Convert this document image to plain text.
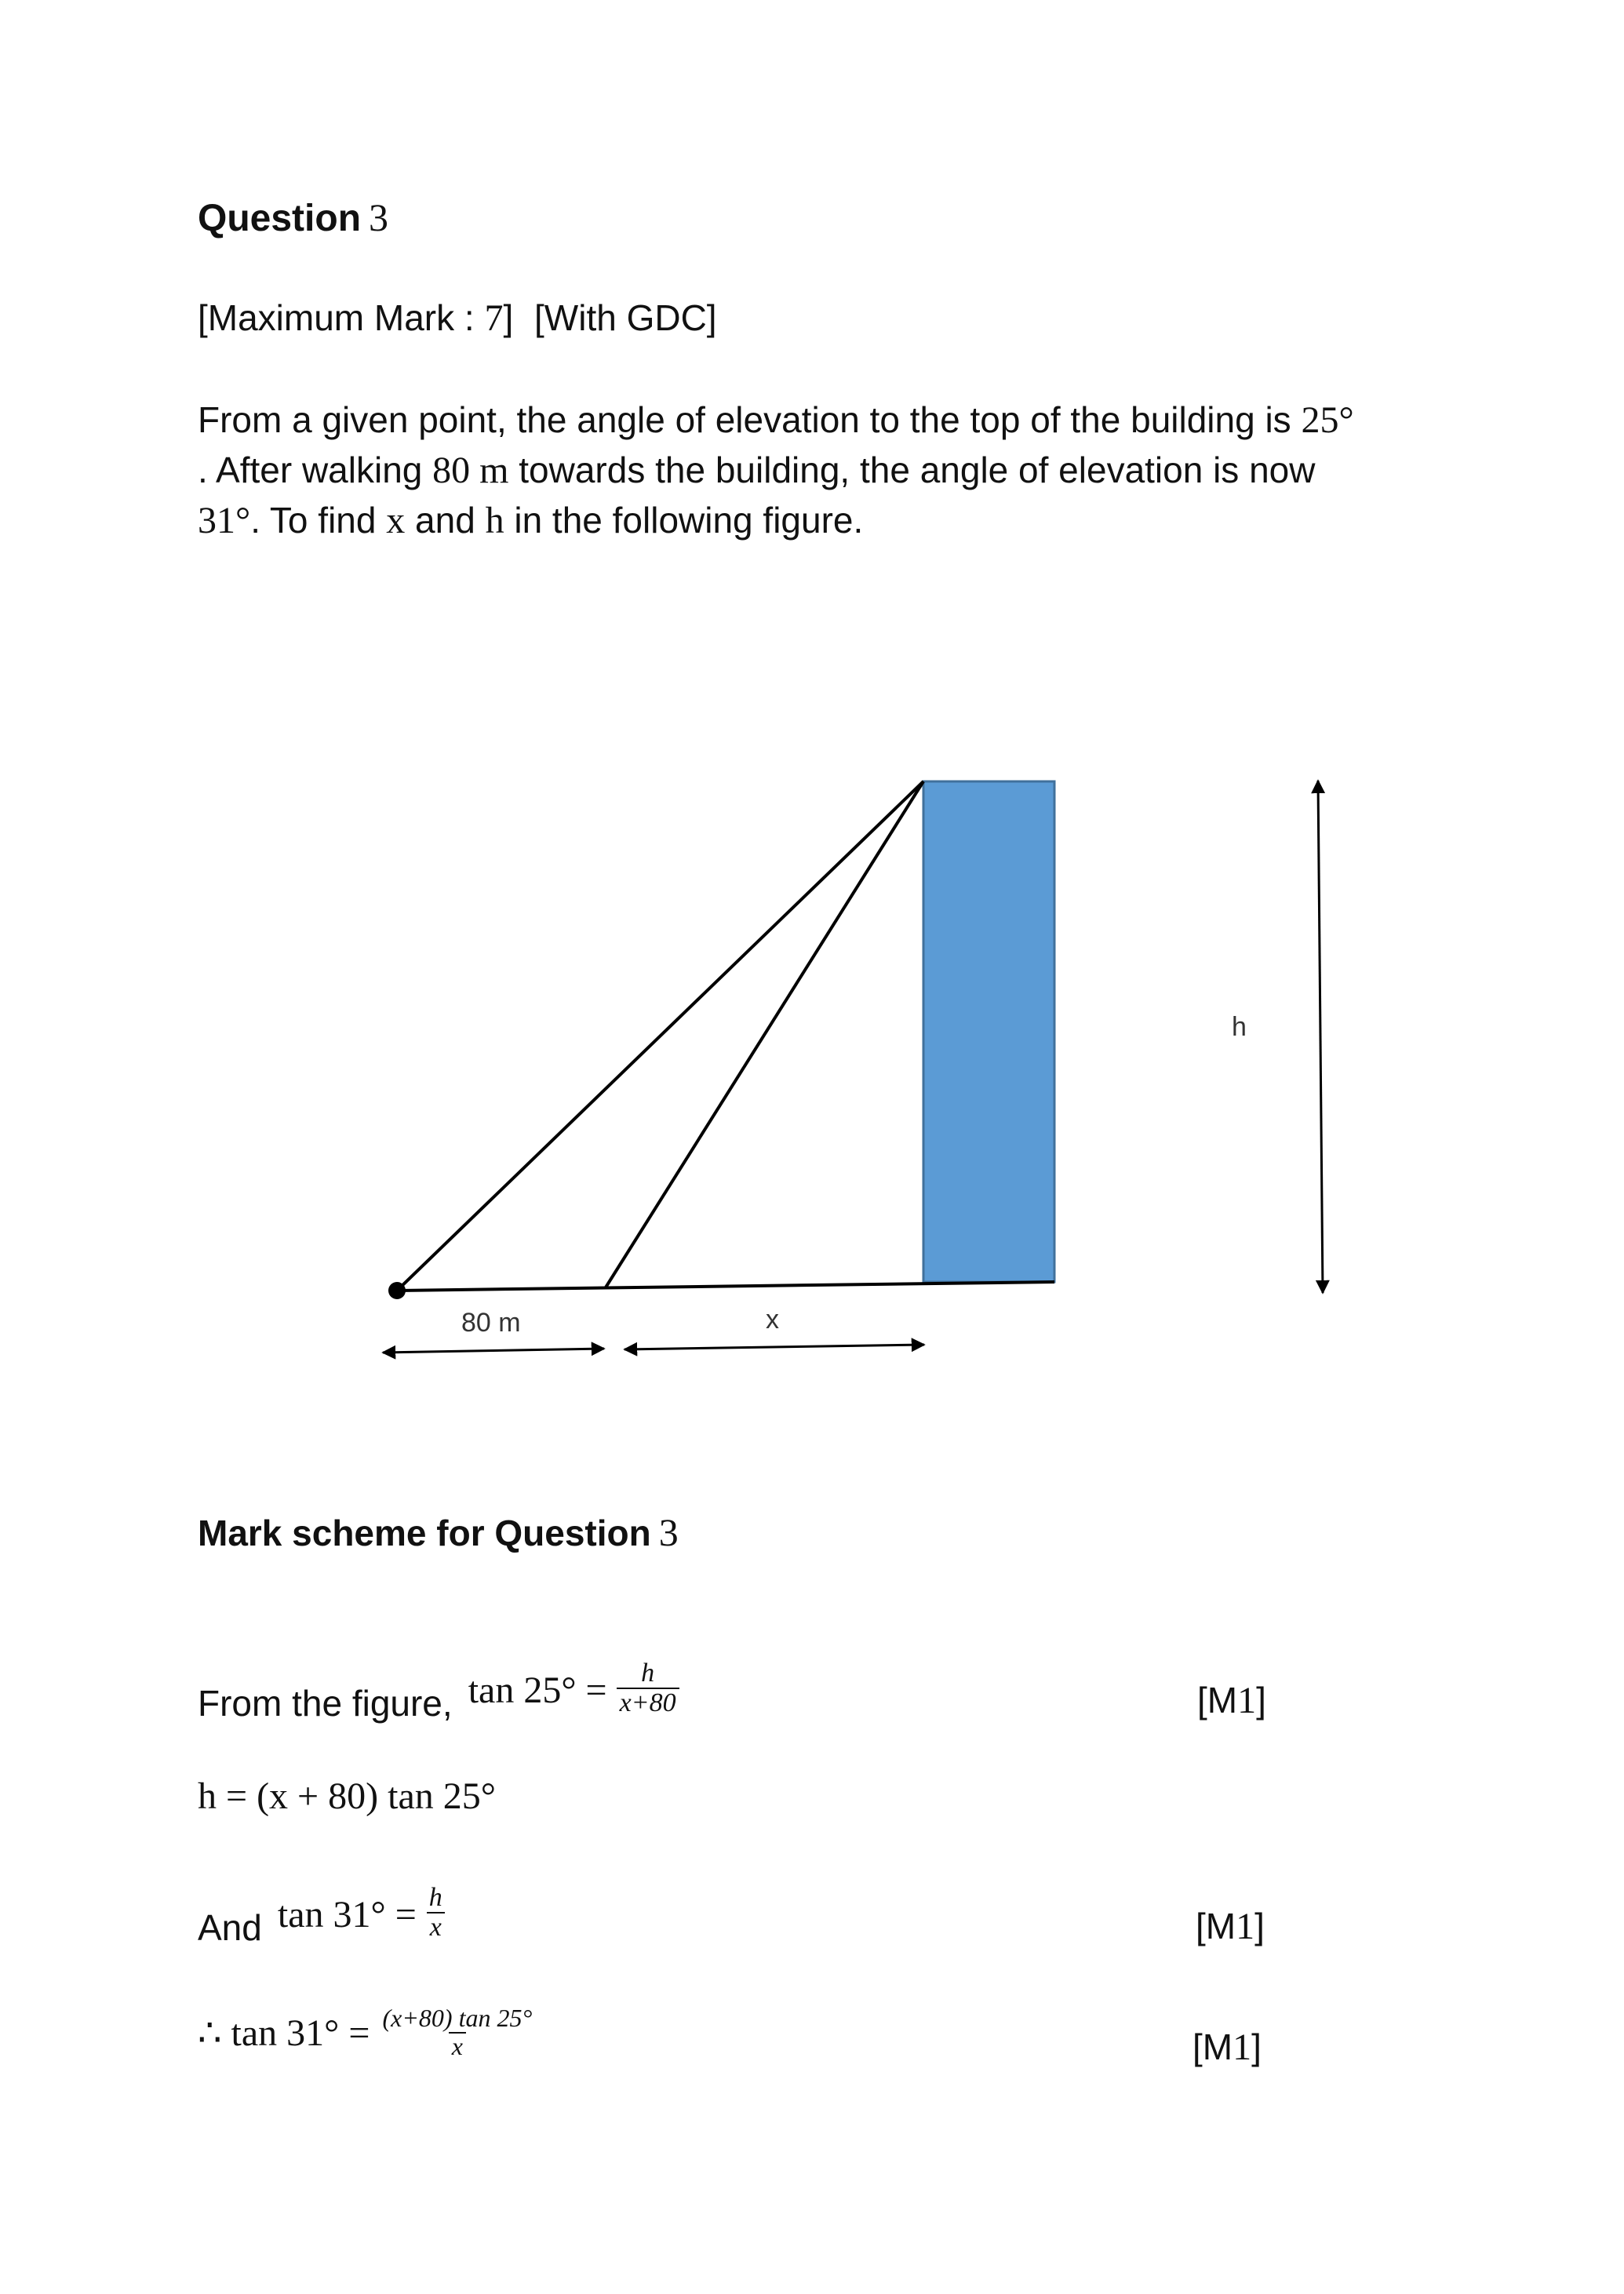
Question 3
[Maximum Mark : 7] [With GDC]
From a given point, the angle of elevation to the top of the building is 25°
. After walking 80 m towards the building, the angle of elevation is now
31°. To find x and h in the following figure.
h
80 m	x
Mark scheme for Question 3
From the figure, $\tan 25^\circ = \frac{h}{x+80}$	[M1]
h = (x + 80) tan 25°
And $\tan 31^\circ = \frac{h}{x}$	[M1]
∴ $\tan 31^\circ = \frac{(x+80) \tan 25^\circ}{x}$	[M1]
